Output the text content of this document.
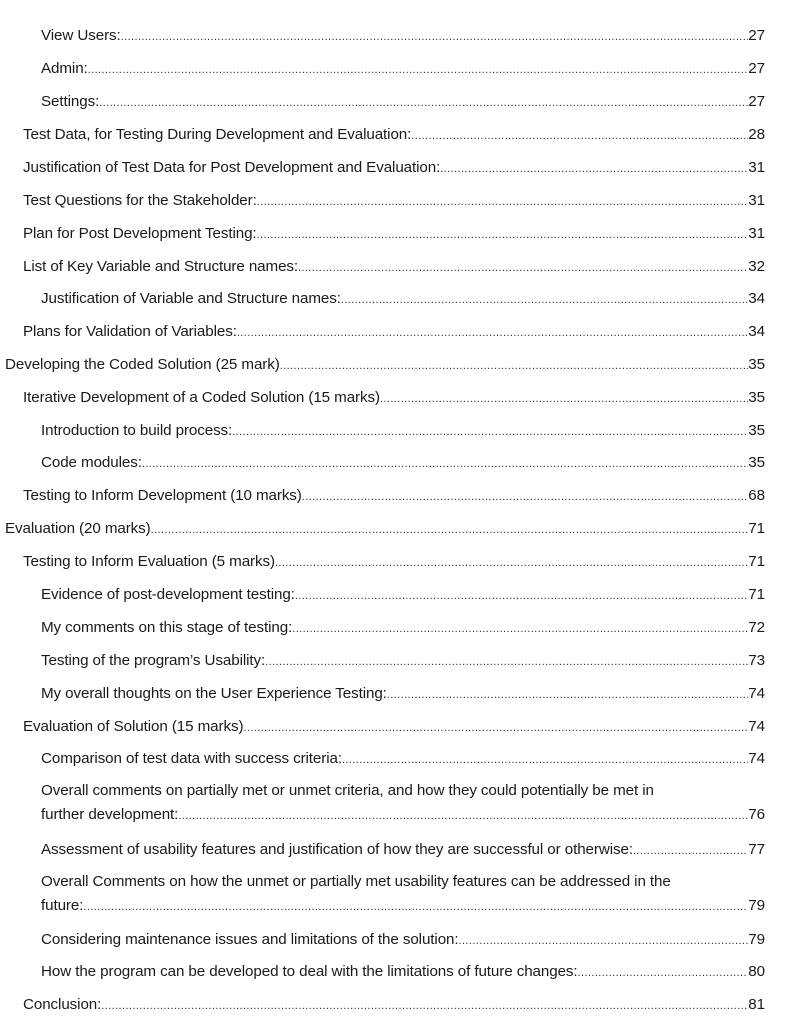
View Users: .....	27
Admin: .....	27
Settings: .....	27
Test Data, for Testing During Development and Evaluation: .....	28
Justification of Test Data for Post Development and Evaluation: .....	31
Test Questions for the Stakeholder: .....	31
Plan for Post Development Testing: .....	31
List of Key Variable and Structure names: .....	32
Justification of Variable and Structure names: .....	34
Plans for Validation of Variables: .....	34
Developing the Coded Solution (25 mark) .....	35
Iterative Development of a Coded Solution (15 marks) .....	35
Introduction to build process: .....	35
Code modules: .....	35
Testing to Inform Development (10 marks) .....	68
Evaluation (20 marks) .....	71
Testing to Inform Evaluation (5 marks) .....	71
Evidence of post-development testing: .....	71
My comments on this stage of testing: .....	72
Testing of the program’s Usability: .....	73
My overall thoughts on the User Experience Testing: .....	74
Evaluation of Solution (15 marks) .....	74
Comparison of test data with success criteria: .....	74
Overall comments on partially met or unmet criteria, and how they could potentially be met in
further development: .....	76
Assessment of usability features and justification of how they are successful or otherwise: .....	77
Overall Comments on how the unmet or partially met usability features can be addressed in the
future: .....	79
Considering maintenance issues and limitations of the solution: .....	79
How the program can be developed to deal with the limitations of future changes: .....	80
Conclusion: .....	81
